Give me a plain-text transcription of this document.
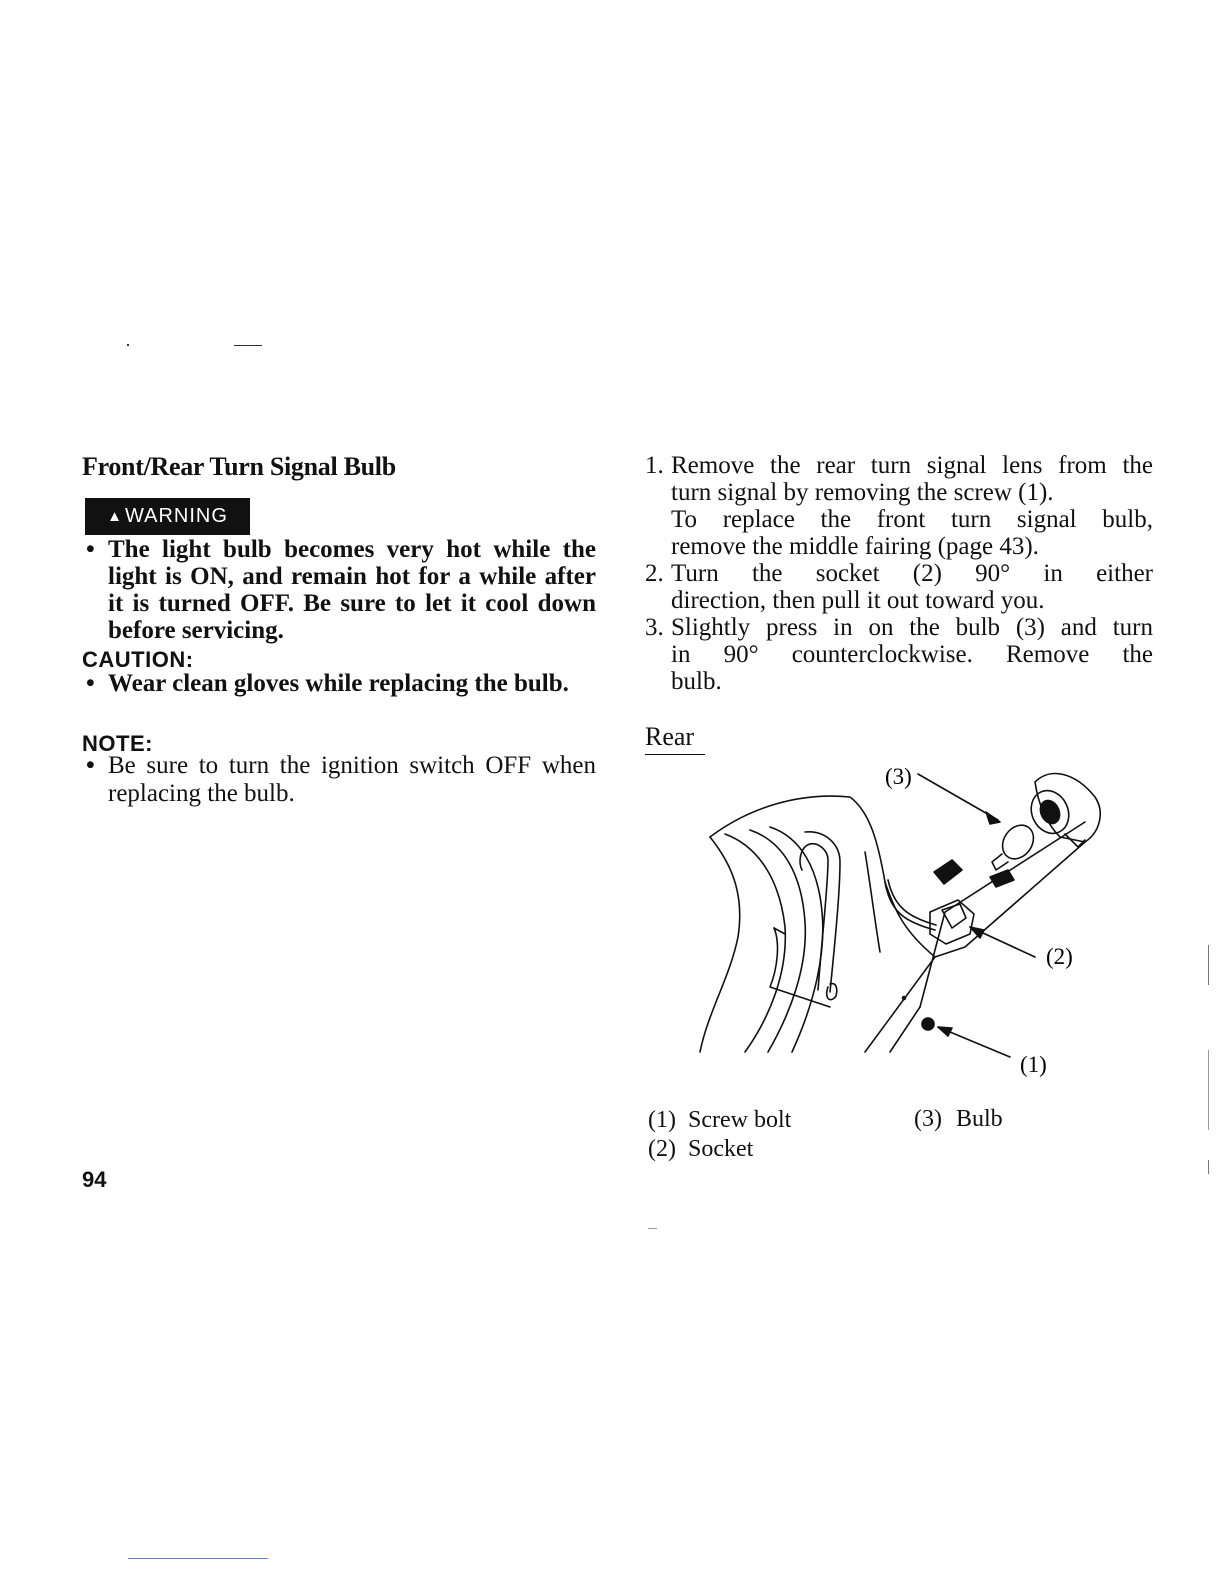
Front/Rear Turn Signal Bulb
▲ WARNING
• The light bulb becomes very hot while the light is ON, and remain hot for a while after it is turned OFF. Be sure to let it cool down before servicing.
CAUTION:
• Wear clean gloves while replacing the bulb.
NOTE:
• Be sure to turn the ignition switch OFF when replacing the bulb.
94
1. Remove the rear turn signal lens from the
turn signal by removing the screw (1).
To replace the front turn signal bulb,
remove the middle fairing (page 43).
2. Turn the socket (2) 90° in either
direction, then pull it out toward you.
3. Slightly press in on the bulb (3) and turn
in 90° counterclockwise. Remove the
bulb.
Rear
(3)
(2)
(1)
(1) Screw bolt
(2) Socket
(3) Bulb
